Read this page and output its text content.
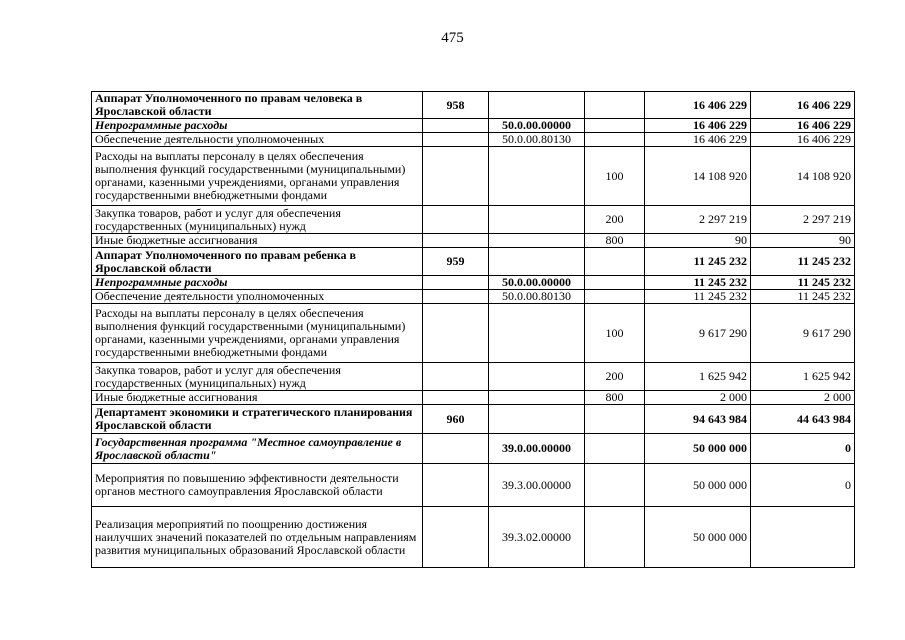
475
Аппарат Уполномоченного по правам человека в Ярославской области	958			16 406 229	16 406 229
Непрограммные расходы		50.0.00.00000		16 406 229	16 406 229
Обеспечение деятельности уполномоченных		50.0.00.80130		16 406 229	16 406 229
Расходы на выплаты персоналу в целях обеспечения выполнения функций государственными (муниципальными) органами, казенными учреждениями, органами управления государственными внебюджетными фондами			100	14 108 920	14 108 920
Закупка товаров, работ и услуг для обеспечения государственных (муниципальных) нужд			200	2 297 219	2 297 219
Иные бюджетные ассигнования			800	90	90
Аппарат Уполномоченного по правам ребенка в Ярославской области	959			11 245 232	11 245 232
Непрограммные расходы		50.0.00.00000		11 245 232	11 245 232
Обеспечение деятельности уполномоченных		50.0.00.80130		11 245 232	11 245 232
Расходы на выплаты персоналу в целях обеспечения выполнения функций государственными (муниципальными) органами, казенными учреждениями, органами управления государственными внебюджетными фондами			100	9 617 290	9 617 290
Закупка товаров, работ и услуг для обеспечения государственных (муниципальных) нужд			200	1 625 942	1 625 942
Иные бюджетные ассигнования			800	2 000	2 000
Департамент экономики и стратегического планирования Ярославской области	960			94 643 984	44 643 984
Государственная программа "Местное самоуправление в Ярославской области"		39.0.00.00000		50 000 000	0
Мероприятия по повышению эффективности деятельности органов местного самоуправления Ярославской области		39.3.00.00000		50 000 000	0
Реализация мероприятий по поощрению достижения наилучших значений показателей по отдельным направлениям развития муниципальных образований Ярославской области		39.3.02.00000		50 000 000	
